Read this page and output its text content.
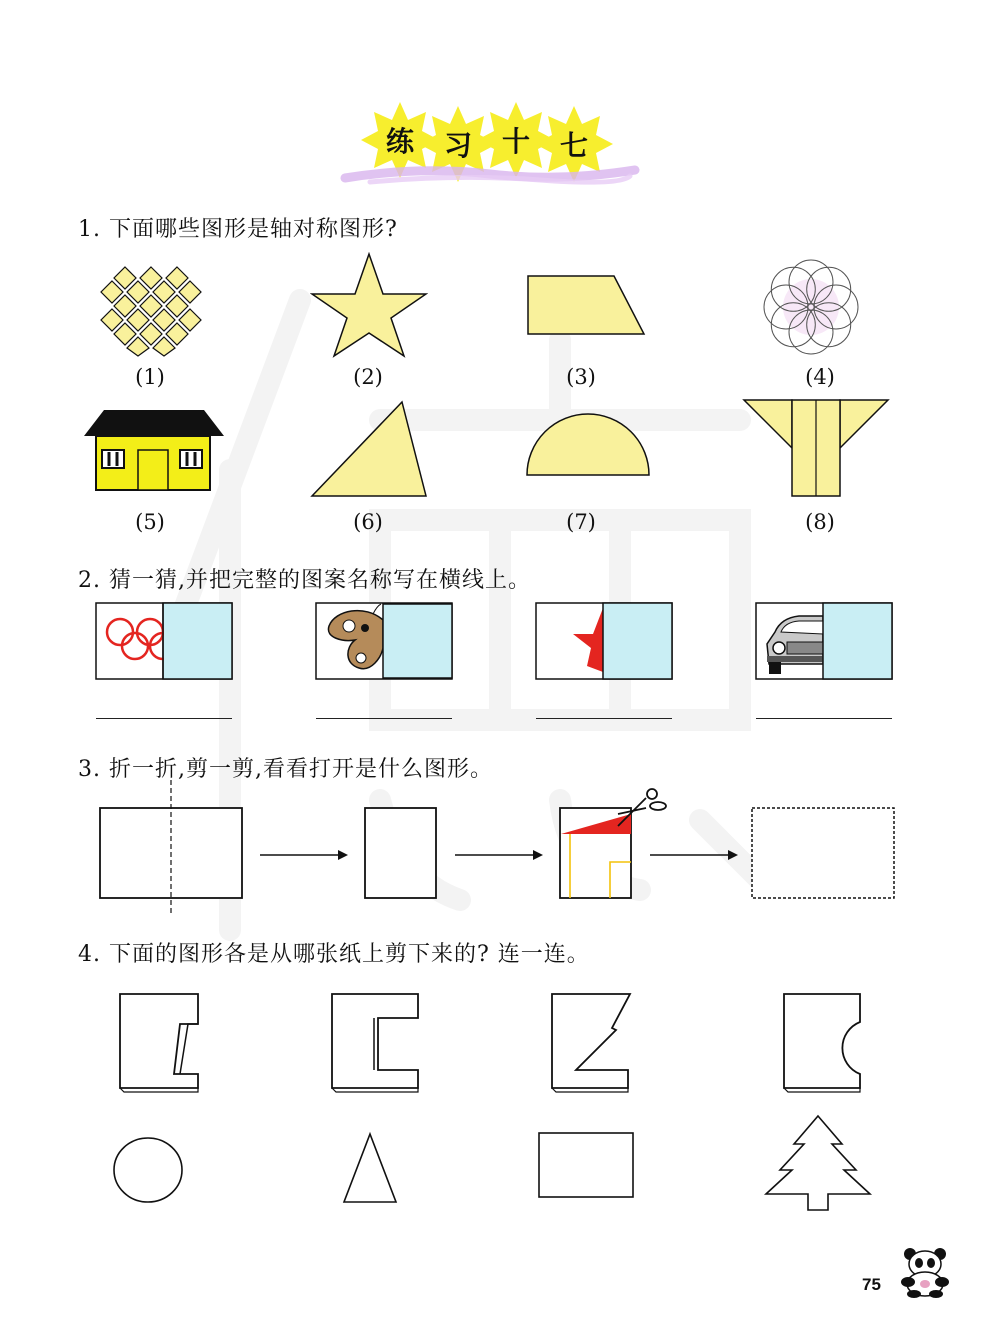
练	习	十	七
1. 下面哪些图形是轴对称图形?
(1)	(2)	(3)	(4)
(5)	(6)	(7)	(8)
2. 猜一猜,并把完整的图案名称写在横线上。
3. 折一折,剪一剪,看看打开是什么图形。
4. 下面的图形各是从哪张纸上剪下来的? 连一连。
75
